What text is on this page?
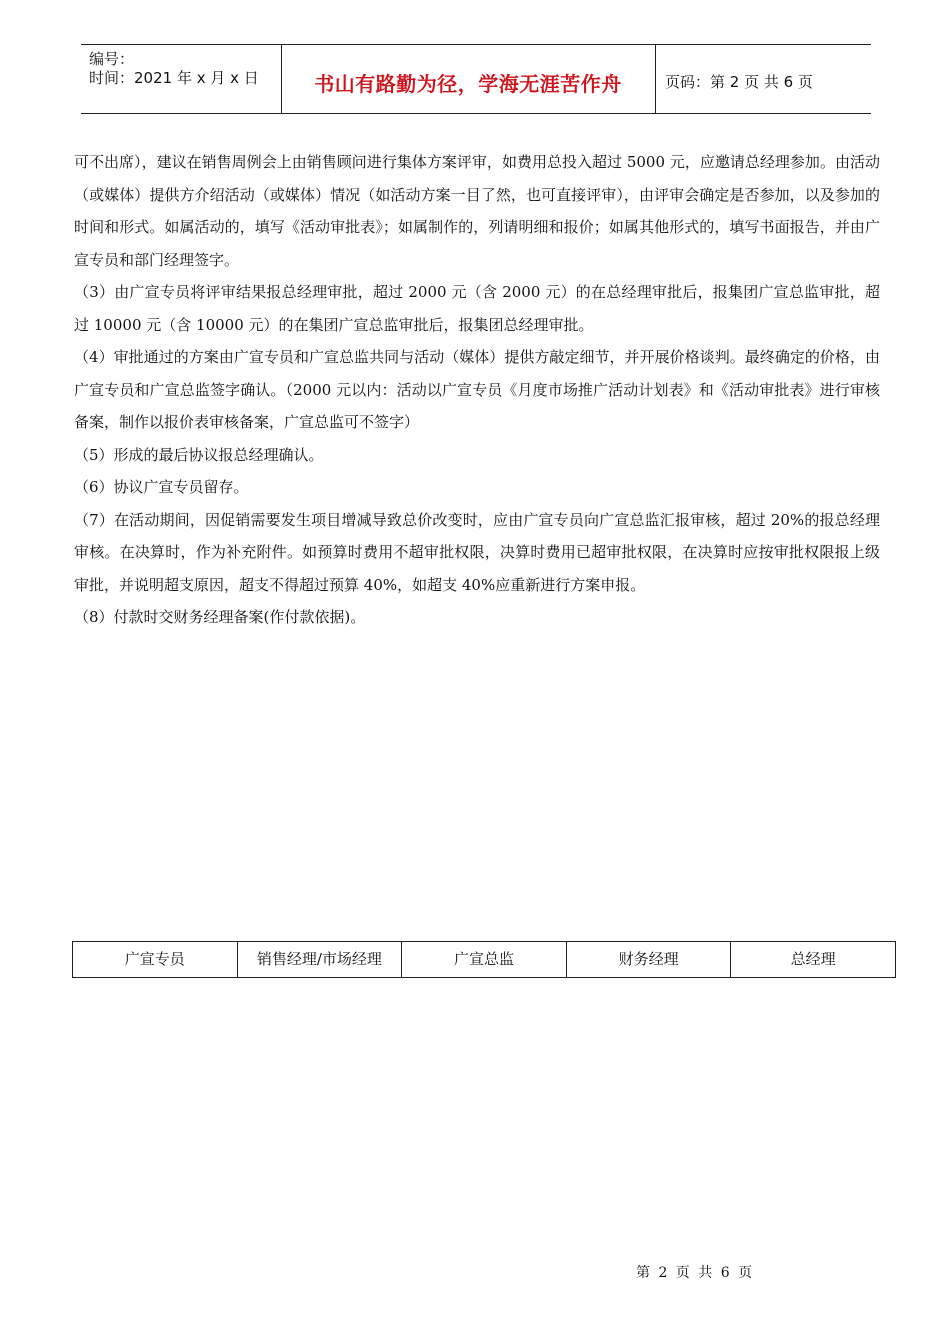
编号：
时间：2021 年 x 月 x 日	书山有路勤为径，学海无涯苦作舟	页码：第 2 页 共 6 页

可不出席），建议在销售周例会上由销售顾问进行集体方案评审，如费用总投入超过 5000 元，应邀请总经理参加。由活动（或媒体）提供方介绍活动（或媒体）情况（如活动方案一目了然，也可直接评审），由评审会确定是否参加，以及参加的时间和形式。如属活动的，填写《活动审批表》；如属制作的，列请明细和报价；如属其他形式的，填写书面报告，并由广宣专员和部门经理签字。

（3）由广宣专员将评审结果报总经理审批，超过 2000 元（含 2000 元）的在总经理审批后，报集团广宣总监审批，超过 10000 元（含 10000 元）的在集团广宣总监审批后，报集团总经理审批。

（4）审批通过的方案由广宣专员和广宣总监共同与活动（媒体）提供方敲定细节，并开展价格谈判。最终确定的价格，由广宣专员和广宣总监签字确认。（2000 元以内：活动以广宣专员《月度市场推广活动计划表》和《活动审批表》进行审核备案，制作以报价表审核备案，广宣总监可不签字）

（5）形成的最后协议报总经理确认。

（6）协议广宣专员留存。

（7）在活动期间，因促销需要发生项目增减导致总价改变时，应由广宣专员向广宣总监汇报审核，超过 20%的报总经理审核。在决算时，作为补充附件。如预算时费用不超审批权限，决算时费用已超审批权限，在决算时应按审批权限报上级审批，并说明超支原因，超支不得超过预算 40%，如超支 40%应重新进行方案申报。

（8）付款时交财务经理备案(作付款依据)。

广宣专员	销售经理/市场经理	广宣总监	财务经理	总经理
第 2 页 共 6 页
